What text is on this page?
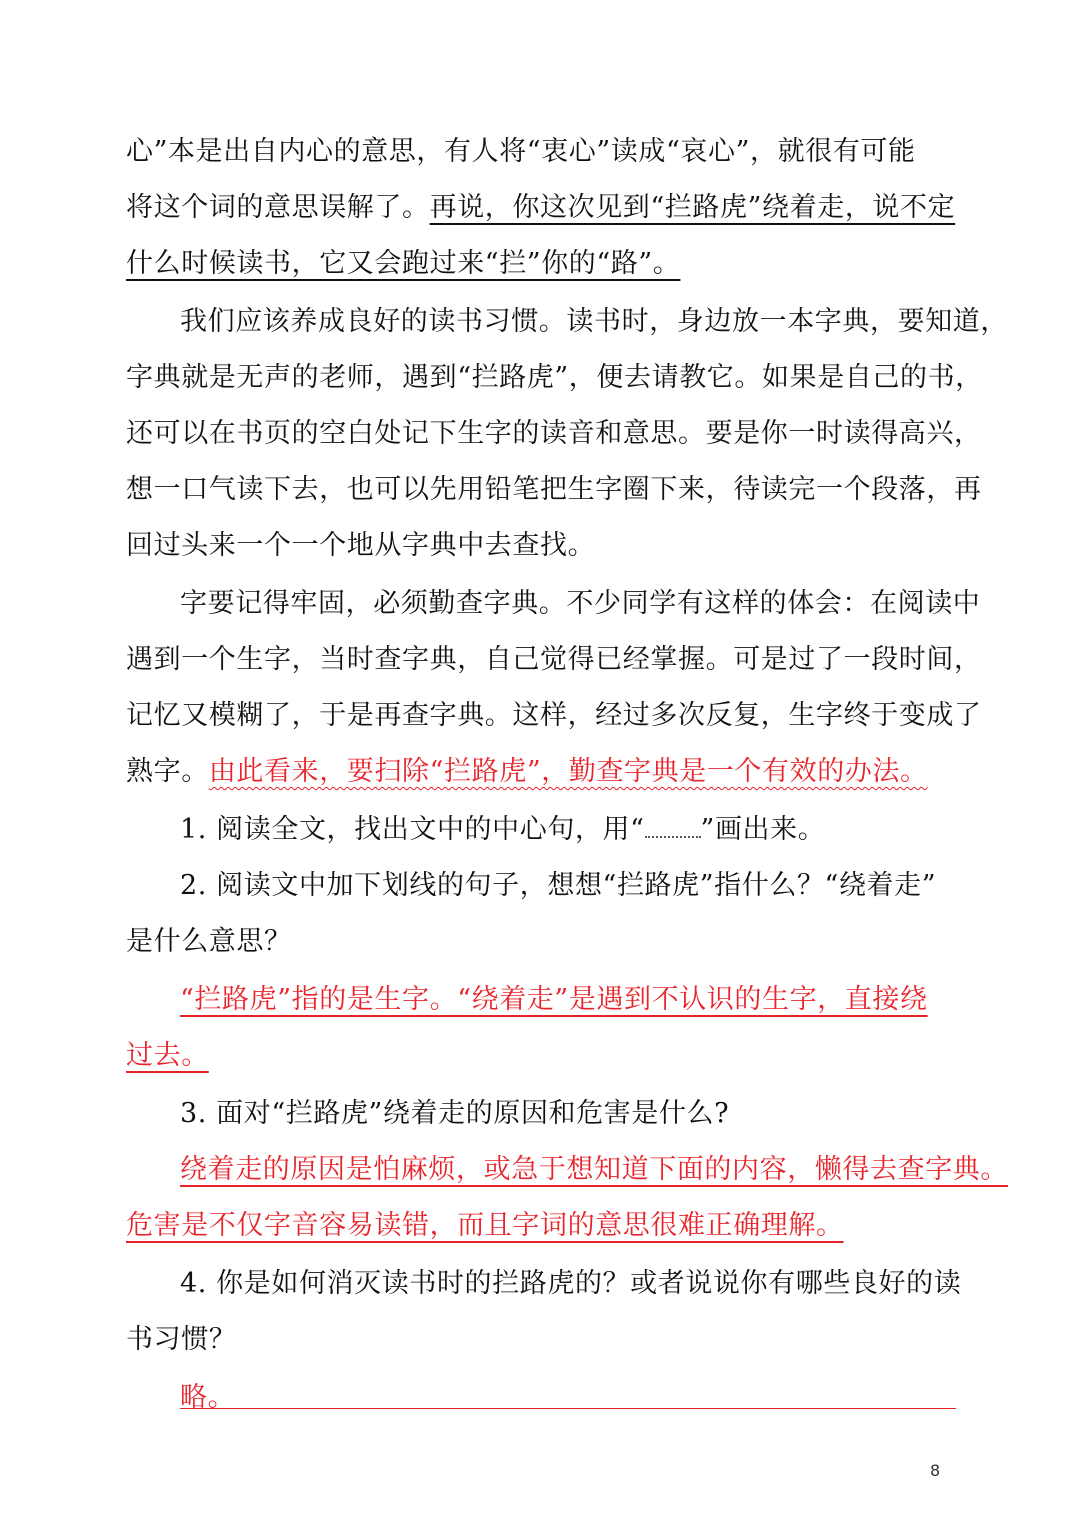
心”本是出自内心的意思，有人将“衷心”读成“哀心”，就很有可能
将这个词的意思误解了。再说，你这次见到“拦路虎”绕着走，说不定
什么时候读书，它又会跑过来“拦”你的“路”。
我们应该养成良好的读书习惯。读书时，身边放一本字典，要知道，
字典就是无声的老师，遇到“拦路虎”，便去请教它。如果是自己的书，
还可以在书页的空白处记下生字的读音和意思。要是你一时读得高兴，
想一口气读下去，也可以先用铅笔把生字圈下来，待读完一个段落，再
回过头来一个一个地从字典中去查找。
字要记得牢固，必须勤查字典。不少同学有这样的体会：在阅读中
遇到一个生字，当时查字典，自己觉得已经掌握。可是过了一段时间，
记忆又模糊了，于是再查字典。这样，经过多次反复，生字终于变成了
熟字。由此看来，要扫除“拦路虎”，勤查字典是一个有效的办法。
1. 阅读全文，找出文中的中心句，用“ ”画出来。
2. 阅读文中加下划线的句子，想想“拦路虎”指什么？“绕着走”
是什么意思？
“拦路虎”指的是生字。“绕着走”是遇到不认识的生字，直接绕
过去。
3. 面对“拦路虎”绕着走的原因和危害是什么?
绕着走的原因是怕麻烦，或急于想知道下面的内容，懒得去查字典。
危害是不仅字音容易读错，而且字词的意思很难正确理解。
4. 你是如何消灭读书时的拦路虎的？或者说说你有哪些良好的读
书习惯？
略。
8
